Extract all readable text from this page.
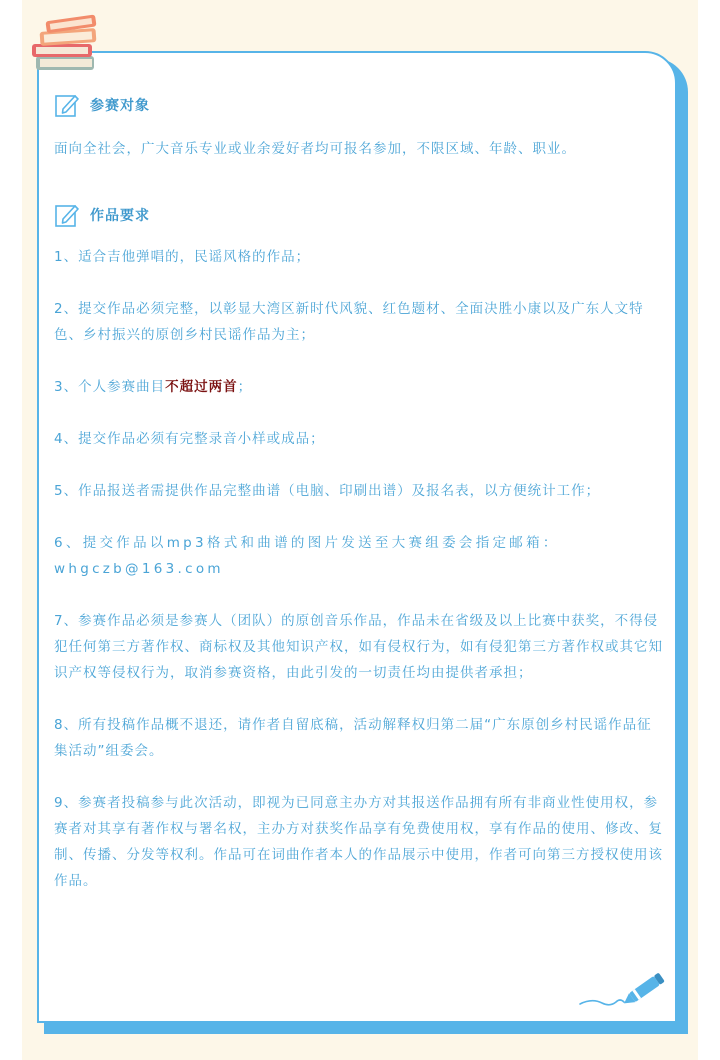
参赛对象

面向全社会，广大音乐专业或业余爱好者均可报名参加，不限区域、年龄、职业。

作品要求

1、适合吉他弹唱的，民谣风格的作品；

2、提交作品必须完整，以彰显大湾区新时代风貌、红色题材、全面决胜小康以及广东人文特色、乡村振兴的原创乡村民谣作品为主；

3、个人参赛曲目不超过两首；

4、提交作品必须有完整录音小样或成品；

5、作品报送者需提供作品完整曲谱（电脑、印刷出谱）及报名表，以方便统计工作；

6、提交作品以mp3格式和曲谱的图片发送至大赛组委会指定邮箱：whgczb@163.com

7、参赛作品必须是参赛人（团队）的原创音乐作品，作品未在省级及以上比赛中获奖，不得侵犯任何第三方著作权、商标权及其他知识产权，如有侵权行为，如有侵犯第三方著作权或其它知识产权等侵权行为，取消参赛资格，由此引发的一切责任均由提供者承担；

8、所有投稿作品概不退还，请作者自留底稿，活动解释权归第二届“广东原创乡村民谣作品征集活动”组委会。

9、参赛者投稿参与此次活动，即视为已同意主办方对其报送作品拥有所有非商业性使用权，参赛者对其享有著作权与署名权，主办方对获奖作品享有免费使用权，享有作品的使用、修改、复制、传播、分发等权利。作品可在词曲作者本人的作品展示中使用，作者可向第三方授权使用该作品。
